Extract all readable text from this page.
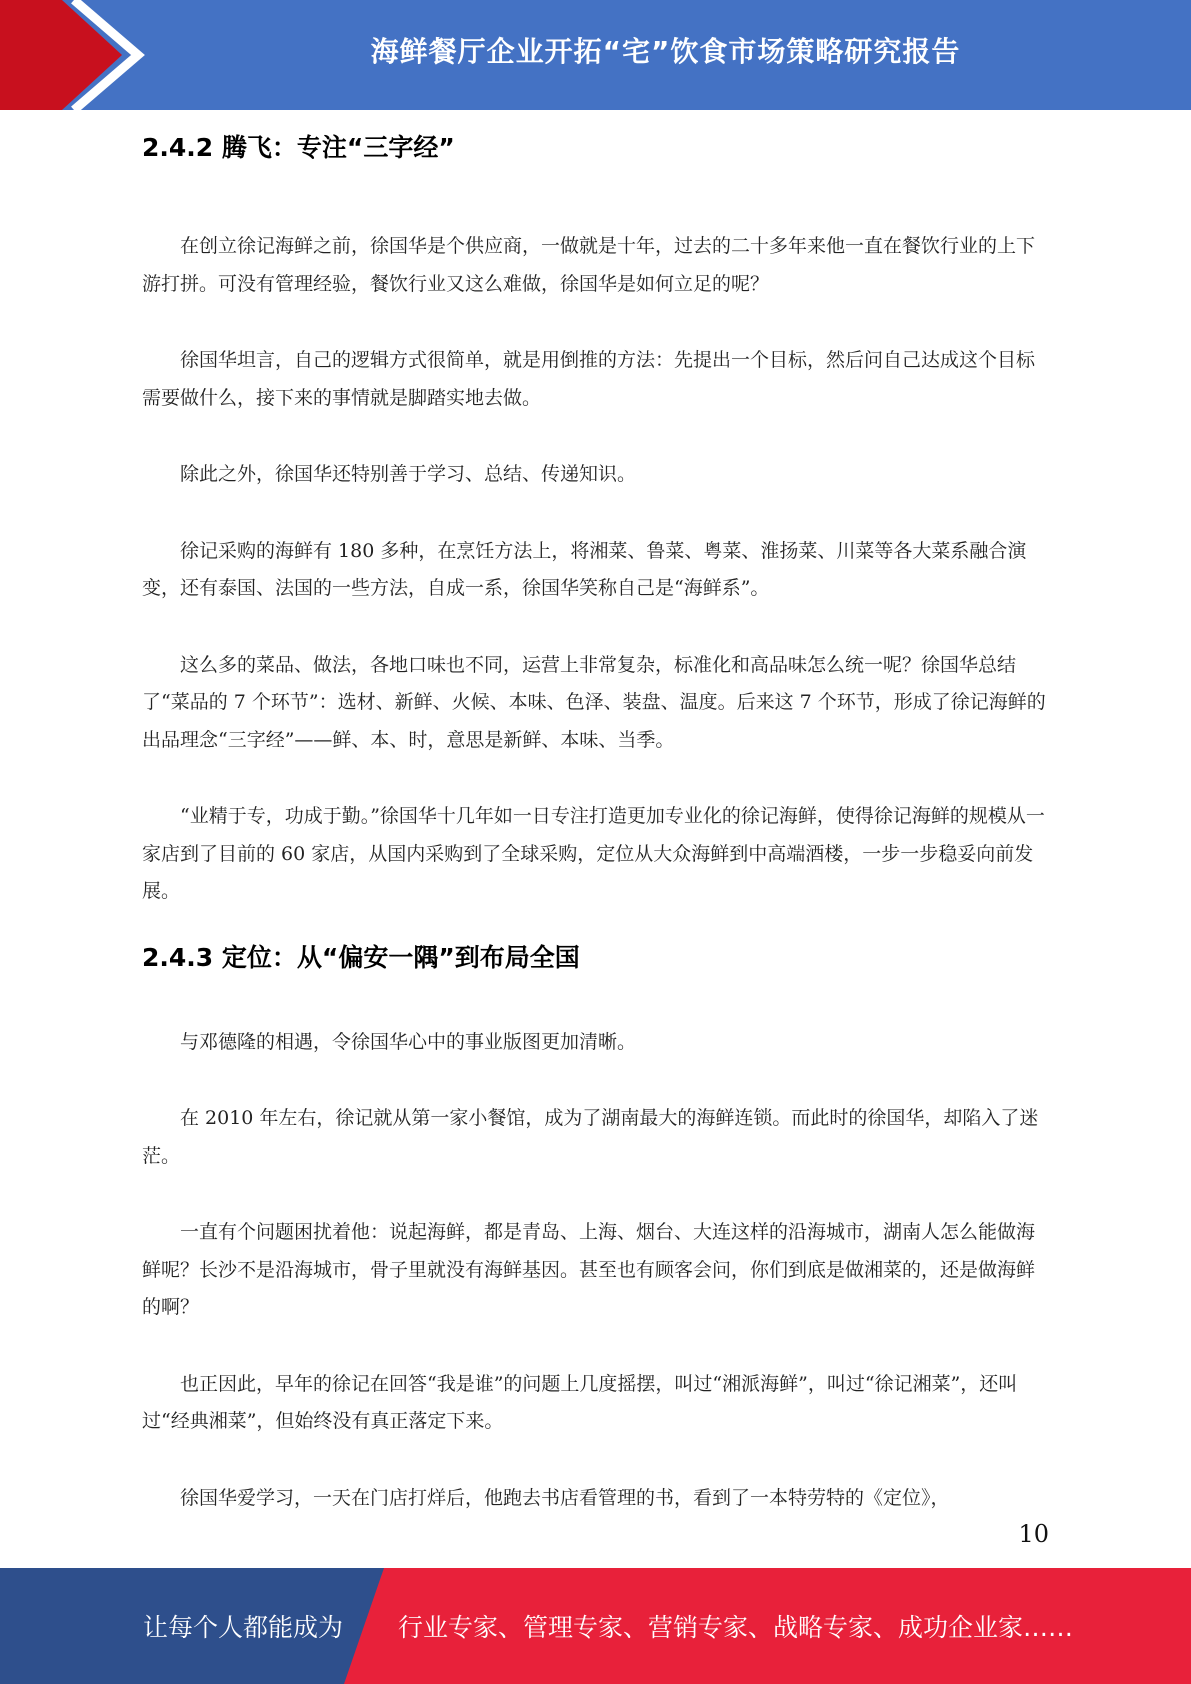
海鲜餐厅企业开拓“宅”饮食市场策略研究报告
2.4.2 腾飞：专注“三字经”

在创立徐记海鲜之前，徐国华是个供应商，一做就是十年，过去的二十多年来他一直在餐饮行业的上下游打拼。可没有管理经验，餐饮行业又这么难做，徐国华是如何立足的呢？

徐国华坦言，自己的逻辑方式很简单，就是用倒推的方法：先提出一个目标，然后问自己达成这个目标需要做什么，接下来的事情就是脚踏实地去做。

除此之外，徐国华还特别善于学习、总结、传递知识。

徐记采购的海鲜有 180 多种，在烹饪方法上，将湘菜、鲁菜、粤菜、淮扬菜、川菜等各大菜系融合演变，还有泰国、法国的一些方法，自成一系，徐国华笑称自己是“海鲜系”。

这么多的菜品、做法，各地口味也不同，运营上非常复杂，标准化和高品味怎么统一呢？徐国华总结了“菜品的 7 个环节”：选材、新鲜、火候、本味、色泽、装盘、温度。后来这 7 个环节，形成了徐记海鲜的出品理念“三字经”——鲜、本、时，意思是新鲜、本味、当季。

“业精于专，功成于勤。”徐国华十几年如一日专注打造更加专业化的徐记海鲜，使得徐记海鲜的规模从一家店到了目前的 60 家店，从国内采购到了全球采购，定位从大众海鲜到中高端酒楼，一步一步稳妥向前发展。

2.4.3 定位：从“偏安一隅”到布局全国

与邓德隆的相遇，令徐国华心中的事业版图更加清晰。

在 2010 年左右，徐记就从第一家小餐馆，成为了湖南最大的海鲜连锁。而此时的徐国华，却陷入了迷茫。

一直有个问题困扰着他：说起海鲜，都是青岛、上海、烟台、大连这样的沿海城市，湖南人怎么能做海鲜呢？长沙不是沿海城市，骨子里就没有海鲜基因。甚至也有顾客会问，你们到底是做湘菜的，还是做海鲜的啊？

也正因此，早年的徐记在回答“我是谁”的问题上几度摇摆，叫过“湘派海鲜”，叫过“徐记湘菜”，还叫过“经典湘菜”，但始终没有真正落定下来。

徐国华爱学习，一天在门店打烊后，他跑去书店看管理的书，看到了一本特劳特的《定位》，

10
让每个人都能成为 行业专家、管理专家、营销专家、战略专家、成功企业家……
